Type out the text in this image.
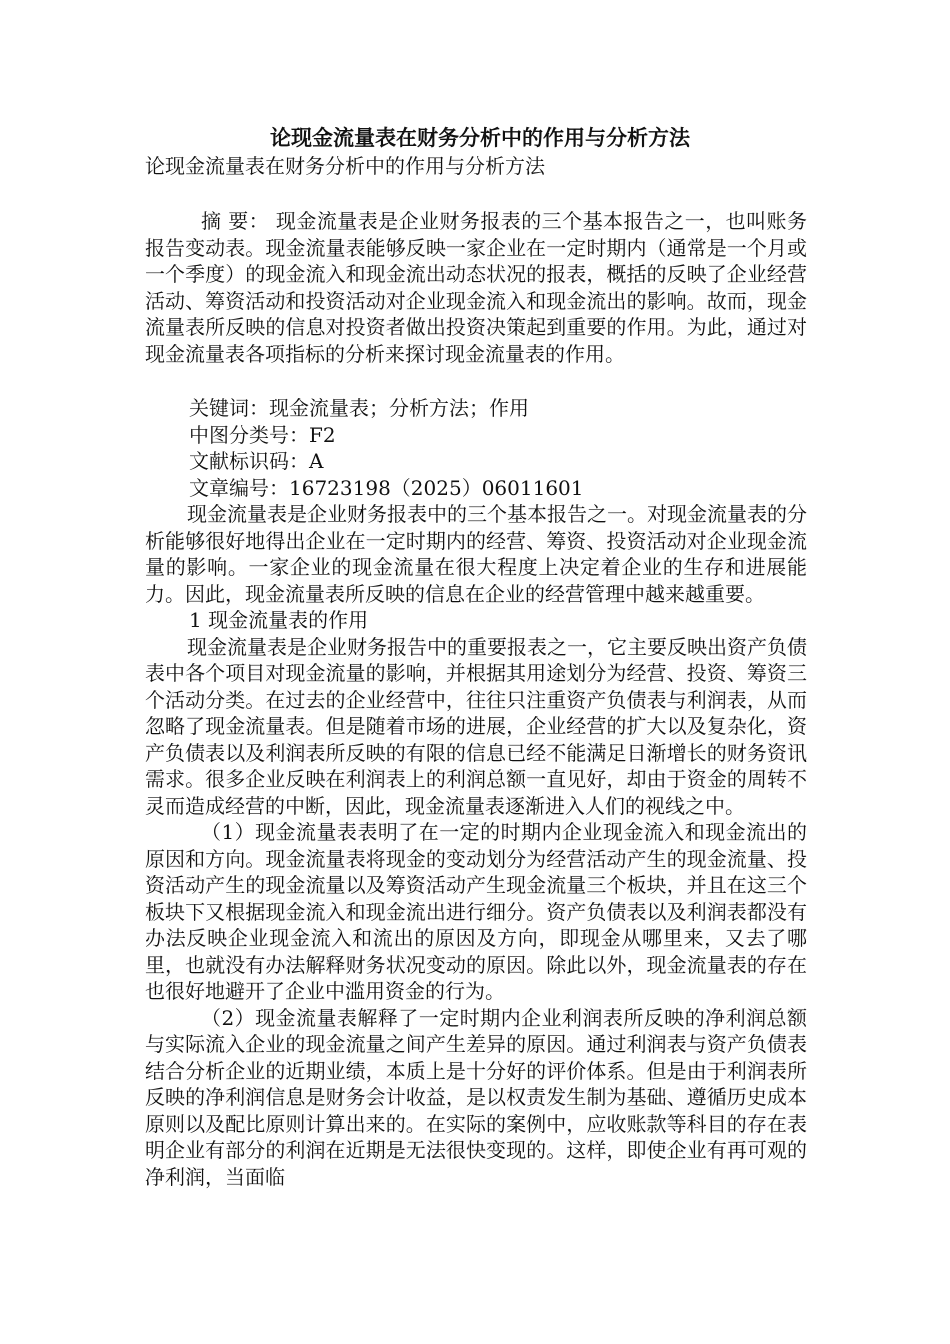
论现金流量表在财务分析中的作用与分析方法

论现金流量表在财务分析中的作用与分析方法

摘 要： 现金流量表是企业财务报表的三个基本报告之一，也叫账务报告变动表。现金流量表能够反映一家企业在一定时期内（通常是一个月或一个季度）的现金流入和现金流出动态状况的报表，概括的反映了企业经营活动、筹资活动和投资活动对企业现金流入和现金流出的影响。故而，现金流量表所反映的信息对投资者做出投资决策起到重要的作用。为此，通过对现金流量表各项指标的分析来探讨现金流量表的作用。

关键词：现金流量表；分析方法；作用

中图分类号：F2

文献标识码：A

文章编号：16723198（2025）06011601

现金流量表是企业财务报表中的三个基本报告之一。对现金流量表的分析能够很好地得出企业在一定时期内的经营、筹资、投资活动对企业现金流量的影响。一家企业的现金流量在很大程度上决定着企业的生存和进展能力。因此，现金流量表所反映的信息在企业的经营管理中越来越重要。

1 现金流量表的作用

现金流量表是企业财务报告中的重要报表之一，它主要反映出资产负债表中各个项目对现金流量的影响，并根据其用途划分为经营、投资、筹资三个活动分类。在过去的企业经营中，往往只注重资产负债表与利润表，从而忽略了现金流量表。但是随着市场的进展，企业经营的扩大以及复杂化，资产负债表以及利润表所反映的有限的信息已经不能满足日渐增长的财务资讯需求。很多企业反映在利润表上的利润总额一直见好，却由于资金的周转不灵而造成经营的中断，因此，现金流量表逐渐进入人们的视线之中。

（1）现金流量表表明了在一定的时期内企业现金流入和现金流出的原因和方向。现金流量表将现金的变动划分为经营活动产生的现金流量、投资活动产生的现金流量以及筹资活动产生现金流量三个板块，并且在这三个板块下又根据现金流入和现金流出进行细分。资产负债表以及利润表都没有办法反映企业现金流入和流出的原因及方向，即现金从哪里来，又去了哪里，也就没有办法解释财务状况变动的原因。除此以外，现金流量表的存在也很好地避开了企业中滥用资金的行为。

（2）现金流量表解释了一定时期内企业利润表所反映的净利润总额与实际流入企业的现金流量之间产生差异的原因。通过利润表与资产负债表结合分析企业的近期业绩，本质上是十分好的评价体系。但是由于利润表所反映的净利润信息是财务会计收益，是以权责发生制为基础、遵循历史成本原则以及配比原则计算出来的。在实际的案例中，应收账款等科目的存在表明企业有部分的利润在近期是无法很快变现的。这样，即使企业有再可观的净利润，当面临
